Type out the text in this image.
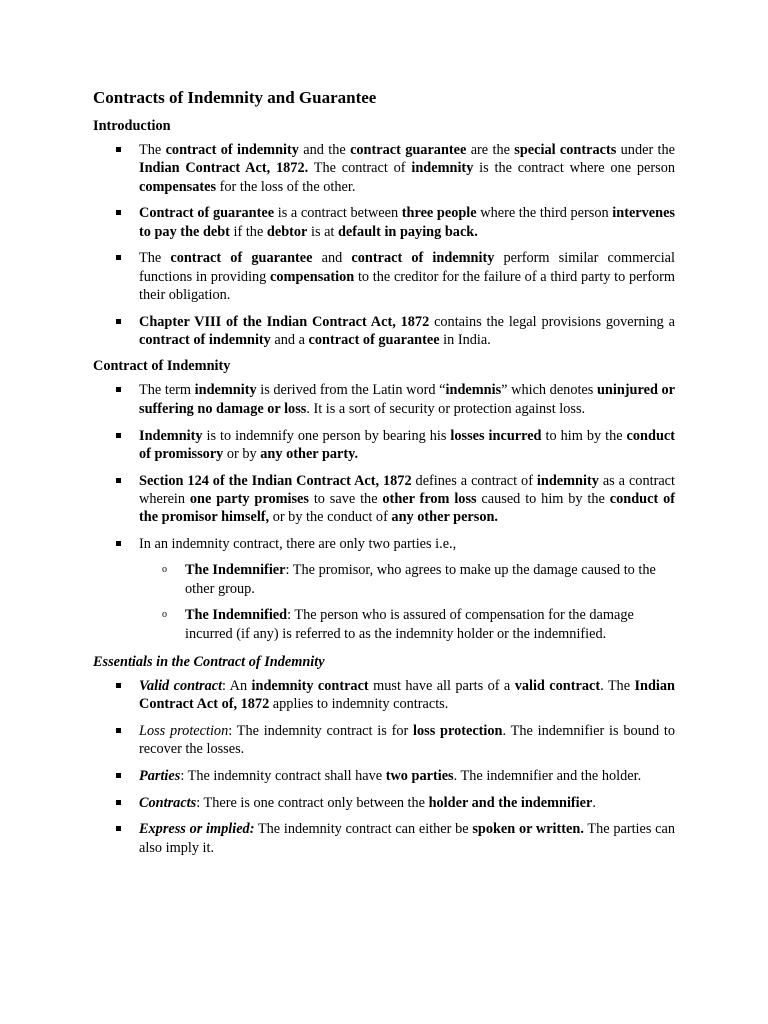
Contracts of Indemnity and Guarantee
Introduction
The contract of indemnity and the contract guarantee are the special contracts under the Indian Contract Act, 1872. The contract of indemnity is the contract where one person compensates for the loss of the other.
Contract of guarantee is a contract between three people where the third person intervenes to pay the debt if the debtor is at default in paying back.
The contract of guarantee and contract of indemnity perform similar commercial functions in providing compensation to the creditor for the failure of a third party to perform their obligation.
Chapter VIII of the Indian Contract Act, 1872 contains the legal provisions governing a contract of indemnity and a contract of guarantee in India.
Contract of Indemnity
The term indemnity is derived from the Latin word “indemnis” which denotes uninjured or suffering no damage or loss. It is a sort of security or protection against loss.
Indemnity is to indemnify one person by bearing his losses incurred to him by the conduct of promissory or by any other party.
Section 124 of the Indian Contract Act, 1872 defines a contract of indemnity as a contract wherein one party promises to save the other from loss caused to him by the conduct of the promisor himself, or by the conduct of any other person.
In an indemnity contract, there are only two parties i.e.,
o The Indemnifier: The promisor, who agrees to make up the damage caused to the other group.
o The Indemnified: The person who is assured of compensation for the damage incurred (if any) is referred to as the indemnity holder or the indemnified.
Essentials in the Contract of Indemnity
Valid contract: An indemnity contract must have all parts of a valid contract. The Indian Contract Act of, 1872 applies to indemnity contracts.
Loss protection: The indemnity contract is for loss protection. The indemnifier is bound to recover the losses.
Parties: The indemnity contract shall have two parties. The indemnifier and the holder.
Contracts: There is one contract only between the holder and the indemnifier.
Express or implied: The indemnity contract can either be spoken or written. The parties can also imply it.
